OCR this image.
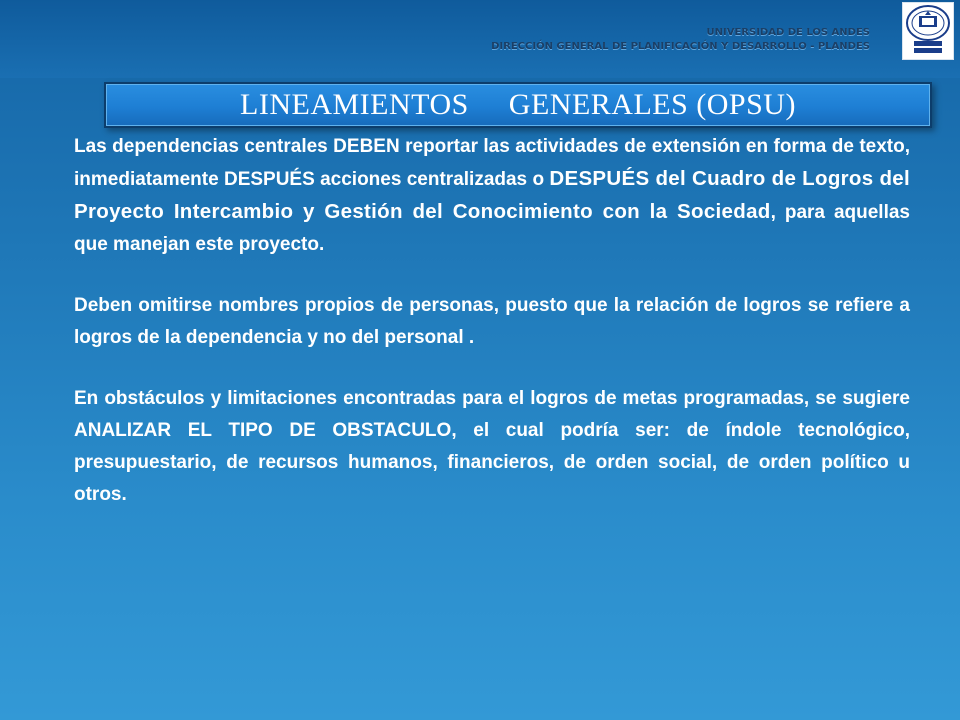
UNIVERSIDAD DE LOS ANDES
DIRECCIÓN GENERAL DE PLANIFICACIÓN Y DESARROLLO - PLANDES
LINEAMIENTOS     GENERALES (OPSU)

Las dependencias centrales DEBEN reportar las actividades de extensión en forma de texto, inmediatamente DESPUÉS acciones centralizadas o DESPUÉS del Cuadro de Logros del Proyecto Intercambio y Gestión del Conocimiento con la Sociedad, para aquellas que manejan este proyecto.

Deben omitirse nombres propios de personas, puesto que la relación de logros se refiere a logros de la dependencia y no del personal .

En obstáculos y limitaciones encontradas para el logros de metas programadas, se sugiere ANALIZAR EL TIPO DE OBSTACULO, el cual podría ser: de índole tecnológico, presupuestario, de recursos humanos, financieros, de orden social, de orden político u otros.
